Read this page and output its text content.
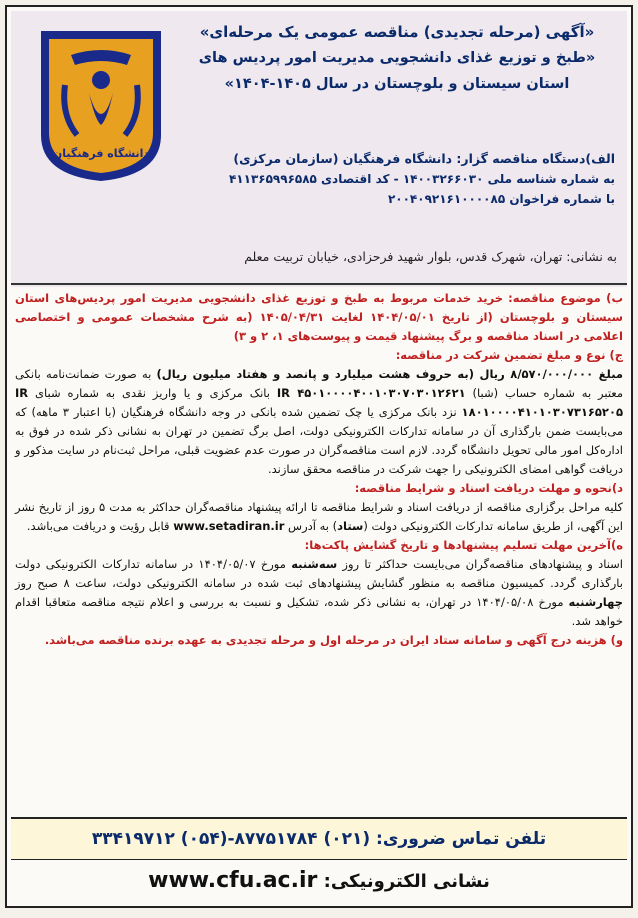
دانشگاه فرهنگیان
«آگهی (مرحله تجدیدی) مناقصه عمومی یک مرحله‌ای»
«طبخ و توزیع غذای دانشجویی مدیریت امور پردیس های
استان سیستان و بلوچستان در سال ۱۴۰۵-۱۴۰۴»
الف)دستگاه مناقصه گزار: دانشگاه فرهنگیان (سازمان مرکزی)
به شماره شناسه ملی ۱۴۰۰۳۲۶۶۰۳۰ - کد اقتصادی ۴۱۱۳۶۵۹۹۶۵۸۵
با شماره فراخوان ۲۰۰۴۰۹۲۱۶۱۰۰۰۰۸۵
به نشانی: تهران، شهرک قدس، بلوار شهید فرحزادی، خیابان تربیت معلم

ب) موضوع مناقصه: خرید خدمات مربوط به طبخ و توزیع غذای دانشجویی مدیریت امور پردیس‌های استان سیستان و بلوچستان (از تاریخ ۱۴۰۴/۰۵/۰۱ لغایت ۱۴۰۵/۰۴/۳۱ (به شرح مشخصات عمومی و اختصاصی اعلامی در اسناد مناقصه و برگ پیشنهاد قیمت و پیوست‌های ۱، ۲ و ۳)

ج) نوع و مبلغ تضمین شرکت در مناقصه:

مبلغ ۸/۵۷۰/۰۰۰/۰۰۰ ریال (به حروف هشت میلیارد و پانصد و هفتاد میلیون ریال) به صورت ضمانت‌نامه بانکی معتبر به شماره حساب (شبا) IR ۴۵۰۱۰۰۰۰۴۰۰۱۰۳۰۷۰۳۰۱۲۶۲۱ بانک مرکزی و یا واریز نقدی به شماره شبای IR ۱۸۰۱۰۰۰۰۴۱۰۱۰۳۰۷۳۱۶۵۲۰۵ نزد بانک مرکزی یا چک تضمین شده بانکی در وجه دانشگاه فرهنگیان (با اعتبار ۳ ماهه) که می‌بایست ضمن بارگذاری آن در سامانه تدارکات الکترونیکی دولت، اصل برگ تضمین در تهران به نشانی ذکر شده در فوق به اداره‌کل امور مالی تحویل دانشگاه گردد. لازم است مناقصه‌گران در صورت عدم عضویت قبلی، مراحل ثبت‌نام در سایت مذکور و دریافت گواهی امضای الکترونیکی را جهت شرکت در مناقصه محقق سازند.

د)نحوه و مهلت دریافت اسناد و شرایط مناقصه:

کلیه مراحل برگزاری مناقصه از دریافت اسناد و شرایط مناقصه تا ارائه پیشنهاد مناقصه‌گران حداکثر به مدت ۵ روز از تاریخ نشر این آگهی، از طریق سامانه تدارکات الکترونیکی دولت (ستاد) به آدرس www.setadiran.ir قابل رؤیت و دریافت می‌باشد.

ه)آخرین مهلت تسلیم پیشنهادها و تاریخ گشایش پاکت‌ها:

اسناد و پیشنهادهای مناقصه‌گران می‌بایست حداکثر تا روز سه‌شنبه مورخ ۱۴۰۴/۰۵/۰۷ در سامانه تدارکات الکترونیکی دولت بارگذاری گردد. کمیسیون مناقصه به منظور گشایش پیشنهادهای ثبت شده در سامانه الکترونیکی دولت، ساعت ۸ صبح روز چهارشنبه مورخ ۱۴۰۴/۰۵/۰۸ در تهران، به نشانی ذکر شده، تشکیل و نسبت به بررسی و اعلام نتیجه مناقصه متعاقبا اقدام خواهد شد.

و) هزینه درج آگهی و سامانه ستاد ایران در مرحله اول و مرحله تجدیدی به عهده برنده مناقصه می‌باشد.

تلفن تماس ضروری: ۳۳۴۱۹۷۱۲ (۰۵۴)-۸۷۷۵۱۷۸۴ (۰۲۱)
نشانی الکترونیکی: www.cfu.ac.ir
